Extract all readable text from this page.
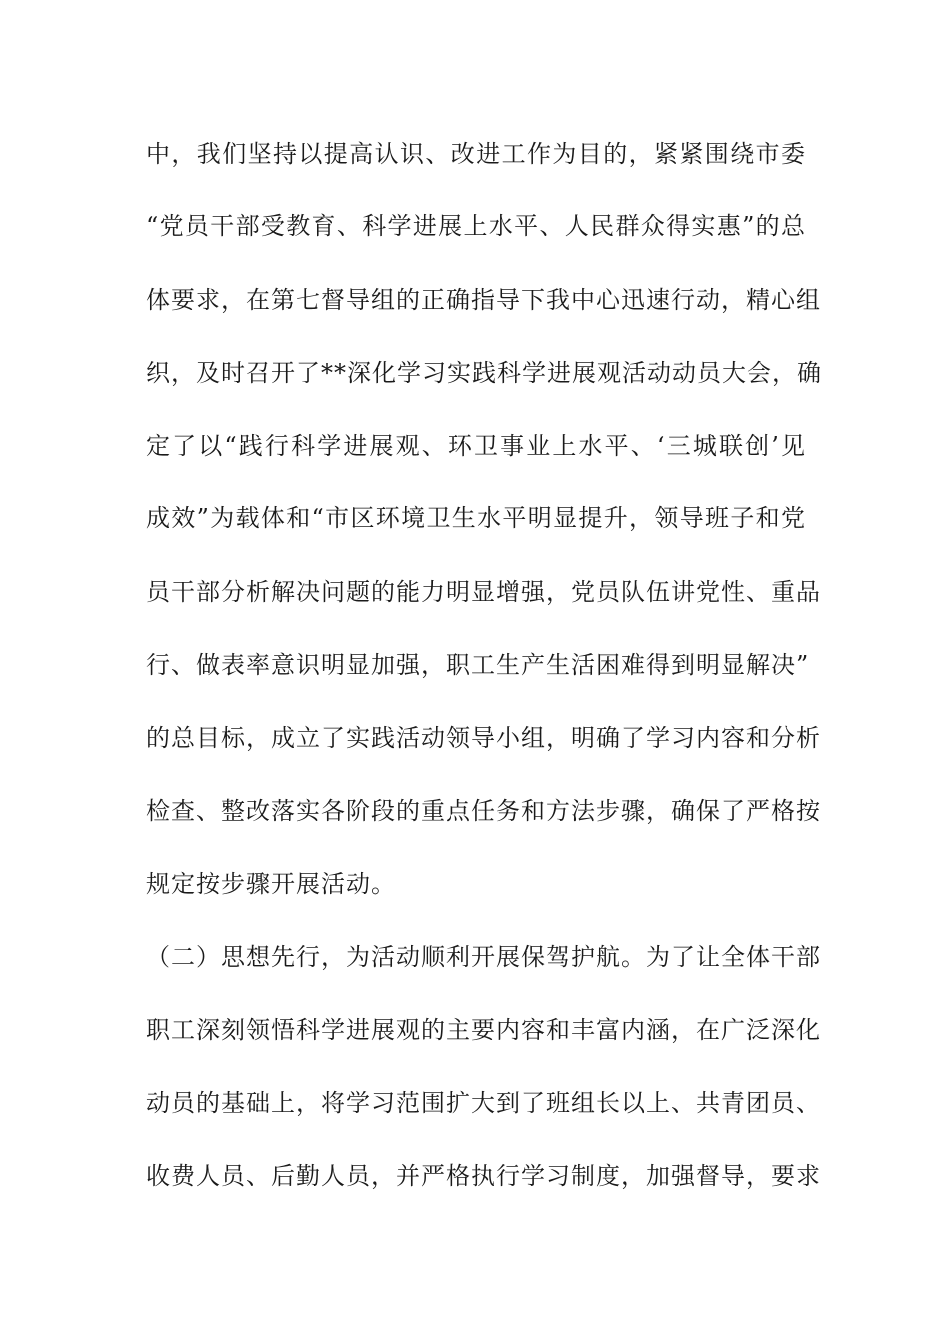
中，我们坚持以提高认识、改进工作为目的，紧紧围绕市委
“党员干部受教育、科学进展上水平、人民群众得实惠”的总
体要求，在第七督导组的正确指导下我中心迅速行动，精心组
织，及时召开了**深化学习实践科学进展观活动动员大会，确
定了以“践行科学进展观、环卫事业上水平、‘三城联创’见
成效”为载体和“市区环境卫生水平明显提升，领导班子和党
员干部分析解决问题的能力明显增强，党员队伍讲党性、重品
行、做表率意识明显加强，职工生产生活困难得到明显解决”
的总目标，成立了实践活动领导小组，明确了学习内容和分析
检查、整改落实各阶段的重点任务和方法步骤，确保了严格按
规定按步骤开展活动。
（二）思想先行，为活动顺利开展保驾护航。为了让全体干部
职工深刻领悟科学进展观的主要内容和丰富内涵，在广泛深化
动员的基础上，将学习范围扩大到了班组长以上、共青团员、
收费人员、后勤人员，并严格执行学习制度，加强督导，要求
